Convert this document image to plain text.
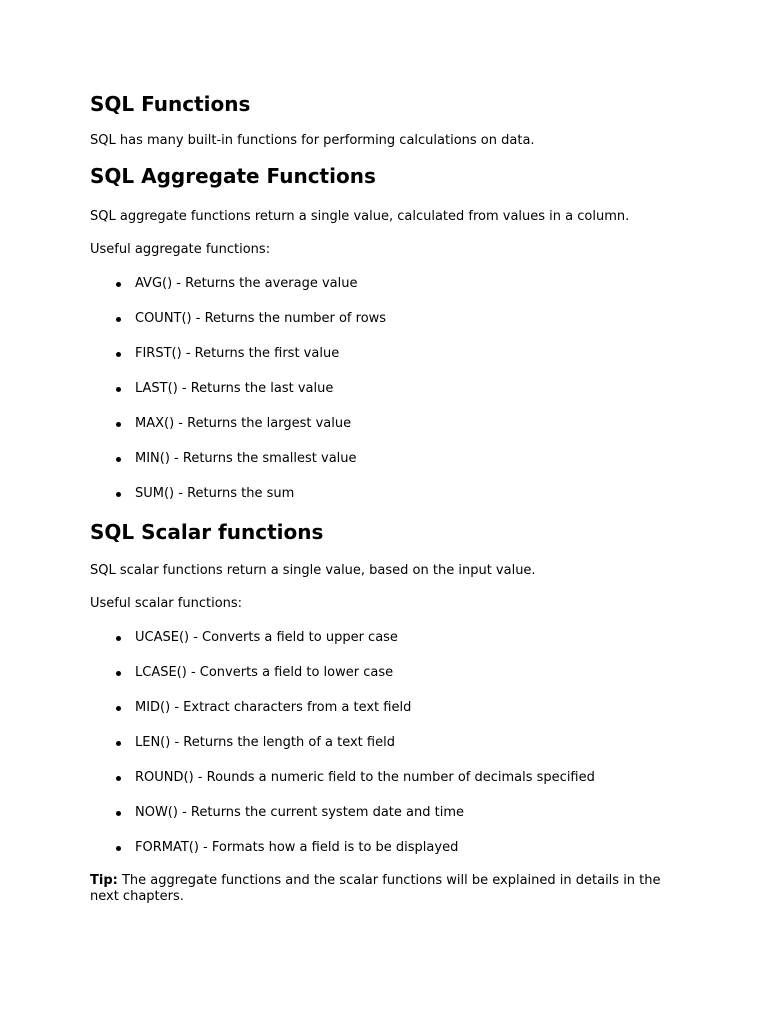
SQL Functions

SQL has many built-in functions for performing calculations on data.

SQL Aggregate Functions

SQL aggregate functions return a single value, calculated from values in a column.

Useful aggregate functions:

AVG() - Returns the average value
COUNT() - Returns the number of rows
FIRST() - Returns the first value
LAST() - Returns the last value
MAX() - Returns the largest value
MIN() - Returns the smallest value
SUM() - Returns the sum
SQL Scalar functions

SQL scalar functions return a single value, based on the input value.

Useful scalar functions:

UCASE() - Converts a field to upper case
LCASE() - Converts a field to lower case
MID() - Extract characters from a text field
LEN() - Returns the length of a text field
ROUND() - Rounds a numeric field to the number of decimals specified
NOW() - Returns the current system date and time
FORMAT() - Formats how a field is to be displayed

Tip: The aggregate functions and the scalar functions will be explained in details in the next chapters.
